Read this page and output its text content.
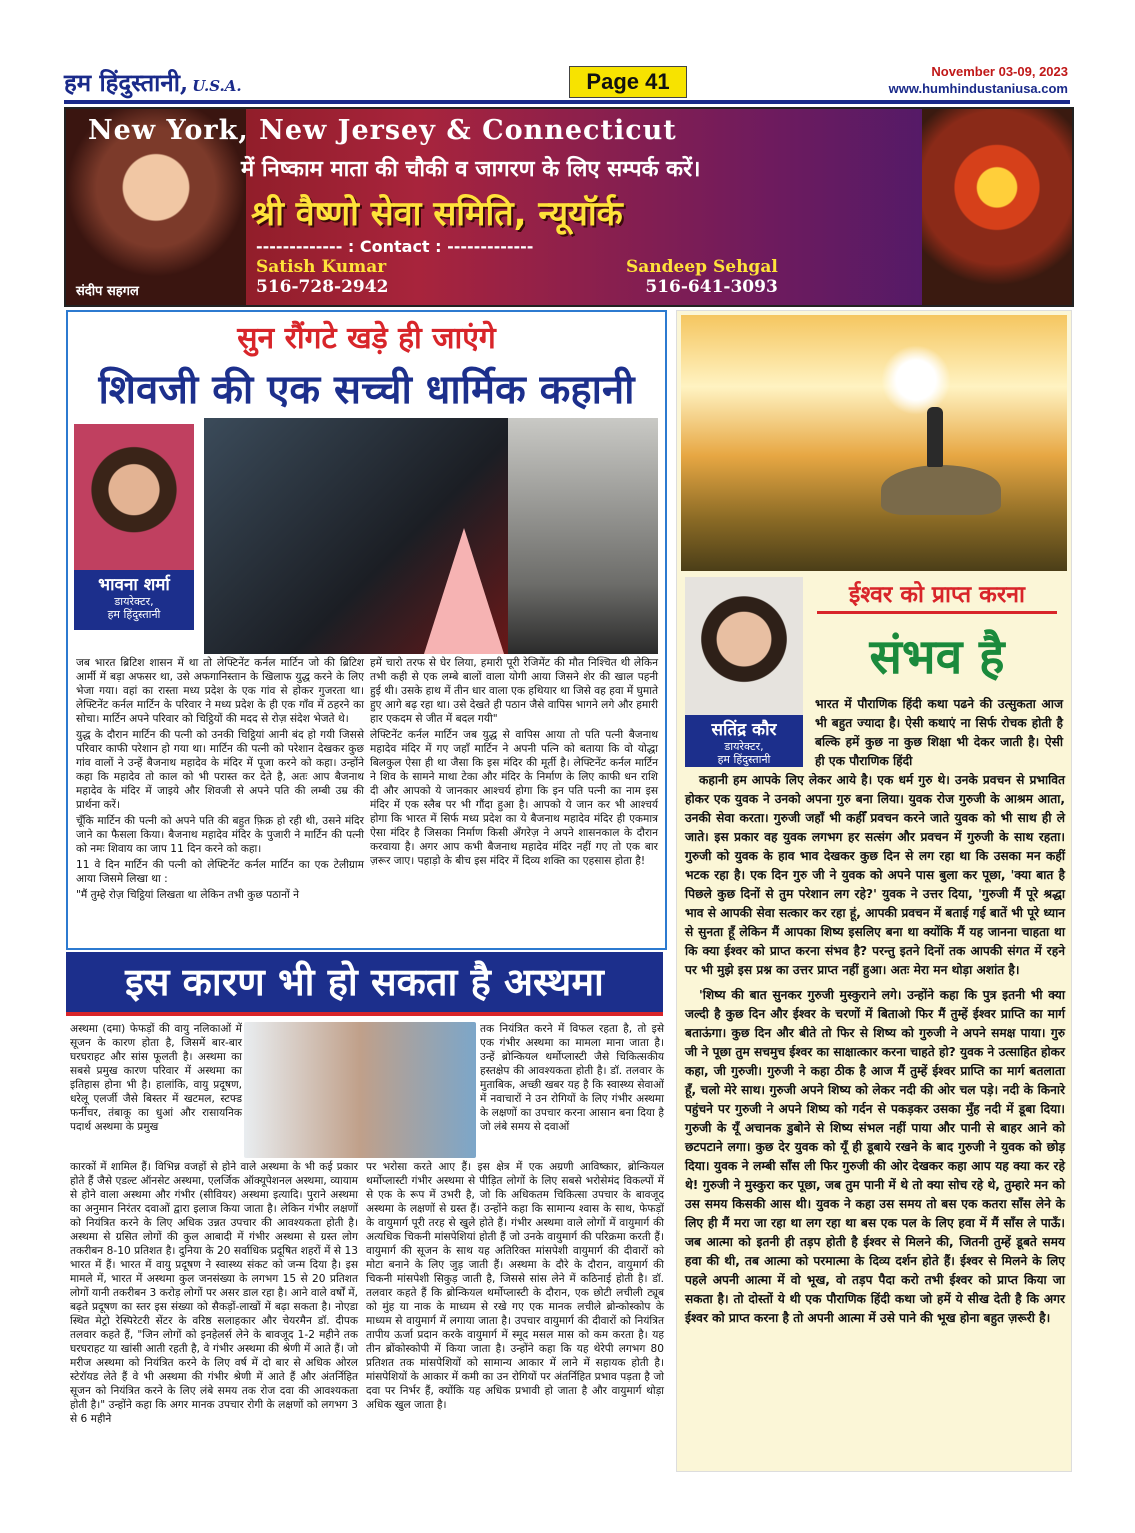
हम हिंदुस्तानी, U.S.A.	Page 41	November 03-09, 2023
www.humhindustaniusa.com
संदीप सहगल
New York, New Jersey & Connecticut
में निष्काम माता की चौकी व जागरण के लिए सम्पर्क करें।
श्री वैष्णो सेवा समिति, न्यूयॉर्क
------------- : Contact : -------------
Satish Kumar
516-728-2942
Sandeep Sehgal
516-641-3093
सुन रौंगटे खड़े ही जाएंगे
शिवजी की एक सच्ची धार्मिक कहानी
भावना शर्मा
डायरेक्टर,
हम हिंदुस्तानी

जब भारत ब्रिटिश शासन में था तो लेफ्टिनेंट कर्नल मार्टिन जो की ब्रिटिश आर्मी में बड़ा अफसर था, उसे अफगानिस्तान के खिलाफ युद्ध करने के लिए भेजा गया। वहां का रास्ता मध्य प्रदेश के एक गांव से होकर गुजरता था। लेफ्टिनेंट कर्नल मार्टिन के परिवार ने मध्य प्रदेश के ही एक गाँव में ठहरने का सोचा। मार्टिन अपने परिवार को चिट्ठियों की मदद से रोज़ संदेश भेजते थे।

युद्ध के दौरान मार्टिन की पत्नी को उनकी चिट्ठियां आनी बंद हो गयी जिससे परिवार काफी परेशान हो गया था। मार्टिन की पत्नी को परेशान देखकर कुछ गांव वालों ने उन्हें बैजनाथ महादेव के मंदिर में पूजा करने को कहा। उन्होंने कहा कि महादेव तो काल को भी परास्त कर देते है, अतः आप बैजनाथ महादेव के मंदिर में जाइये और शिवजी से अपने पति की लम्बी उम्र की प्रार्थना करें।

चूँकि मार्टिन की पत्नी को अपने पति की बहुत फ़िक्र हो रही थी, उसने मंदिर जाने का फैसला किया। बैजनाथ महादेव मंदिर के पुजारी ने मार्टिन की पत्नी को नमः शिवाय का जाप 11 दिन करने को कहा।

11 वे दिन मार्टिन की पत्नी को लेफ्टिनेंट कर्नल मार्टिन का एक टेलीग्राम आया जिसमे लिखा था :

"मैं तुम्हे रोज़ चिट्ठियां लिखता था लेकिन तभी कुछ पठानों ने

हमें चारो तरफ से घेर लिया, हमारी पूरी रेजिमेंट की मौत निश्चित थी लेकिन तभी कही से एक लम्बे बालों वाला योगी आया जिसने शेर की खाल पहनी हुई थी। उसके हाथ में तीन धार वाला एक हथियार था जिसे वह हवा में घुमाते हुए आगे बढ़ रहा था। उसे देखते ही पठान जैसे वापिस भागने लगे और हमारी हार एकदम से जीत में बदल गयी"

लेफ्टिनेंट कर्नल मार्टिन जब युद्ध से वापिस आया तो पति पत्नी बैजनाथ महादेव मंदिर में गए जहाँ मार्टिन ने अपनी पत्नि को बताया कि वो योद्धा बिलकुल ऐसा ही था जैसा कि इस मंदिर की मूर्ती है। लेफ्टिनेंट कर्नल मार्टिन ने शिव के सामने माथा टेका और मंदिर के निर्माण के लिए काफी धन राशि दी और आपको ये जानकार आश्चर्य होगा कि इन पति पत्नी का नाम इस मंदिर में एक स्लैब पर भी गौंदा हुआ है। आपको ये जान कर भी आश्चर्य होगा कि भारत में सिर्फ मध्य प्रदेश का ये बैजनाथ महादेव मंदिर ही एकमात्र ऐसा मंदिर है जिसका निर्माण किसी अँगरेज़ ने अपने शासनकाल के दौरान करवाया है। अगर आप कभी बैजनाथ महादेव मंदिर नहीं गए तो एक बार ज़रूर जाए। पहाड़ो के बीच इस मंदिर में दिव्य शक्ति का एहसास होता है!

इस कारण भी हो सकता है अस्थमा
अस्थमा (दमा) फेफड़ों की वायु नलिकाओं में सूजन के कारण होता है, जिसमें बार-बार घरघराहट और सांस फूलती है। अस्थमा का सबसे प्रमुख कारण परिवार में अस्थमा का इतिहास होना भी है। हालांकि, वायु प्रदूषण, धरेलू एलर्जी जैसे बिस्तर में खटमल, स्टफ्ड फर्नीचर, तंबाकू का धुआं और रासायनिक पदार्थ अस्थमा के प्रमुख
तक नियंत्रित करने में विफल रहता है, तो इसे एक गंभीर अस्थमा का मामला माना जाता है। उन्हें ब्रोन्कियल थर्मोप्लास्टी जैसे चिकित्सकीय हस्तक्षेप की आवश्यकता होती है। डॉ. तलवार के मुताबिक, अच्छी खबर यह है कि स्वास्थ्य सेवाओं में नवाचारों ने उन रोगियों के लिए गंभीर अस्थमा के लक्षणों का उपचार करना आसान बना दिया है जो लंबे समय से दवाओं
कारकों में शामिल हैं। विभिन्न वजहों से होने वाले अस्थमा के भी कई प्रकार होते हैं जैसे एडल्ट ऑनसेट अस्थमा, एलर्जिक ऑक्यूपेशनल अस्थमा, व्यायाम से होने वाला अस्थमा और गंभीर (सीवियर) अस्थमा इत्यादि। पुराने अस्थमा का अनुमान निरंतर दवाओं द्वारा इलाज किया जाता है। लेकिन गंभीर लक्षणों को नियंत्रित करने के लिए अधिक उन्नत उपचार की आवश्यकता होती है। अस्थमा से ग्रसित लोगों की कुल आबादी में गंभीर अस्थमा से ग्रस्त लोग तकरीबन 8-10 प्रतिशत है। दुनिया के 20 सर्वाधिक प्रदूषित शहरों में से 13 भारत में हैं। भारत में वायु प्रदूषण ने स्वास्थ्य संकट को जन्म दिया है। इस मामले में, भारत में अस्थमा कुल जनसंख्या के लगभग 15 से 20 प्रतिशत लोगों यानी तकरीबन 3 करोड़ लोगों पर असर डाल रहा है। आने वाले वर्षों में, बढ़ते प्रदूषण का स्तर इस संख्या को सैकड़ों-लाखों में बढ़ा सकता है। नोएडा स्थित मेट्रो रेस्पिरेटरी सेंटर के वरिष्ठ सलाहकार और चेयरमैन डॉ. दीपक तलवार कहते हैं, "जिन लोगों को इनहेलर्स लेने के बावजूद 1-2 महीने तक घरघराहट या खांसी आती रहती है, वे गंभीर अस्थमा की श्रेणी में आते हैं। जो मरीज अस्थमा को नियंत्रित करने के लिए वर्ष में दो बार से अधिक ओरल स्टेरॉयड लेते हैं वे भी अस्थमा की गंभीर श्रेणी में आते हैं और अंतर्निहित सूजन को नियंत्रित करने के लिए लंबे समय तक रोज दवा की आवश्यकता होती है।" उन्होंने कहा कि अगर मानक उपचार रोगी के लक्षणों को लगभग 3 से 6 महीने
पर भरोसा करते आए हैं। इस क्षेत्र में एक अग्रणी आविष्कार, ब्रोन्कियल थर्मोप्लास्टी गंभीर अस्थमा से पीड़ित लोगों के लिए सबसे भरोसेमंद विकल्पों में से एक के रूप में उभरी है, जो कि अधिकतम चिकित्सा उपचार के बावजूद अस्थमा के लक्षणों से ग्रस्त हैं। उन्होंने कहा कि सामान्य श्वास के साथ, फेफड़ों के वायुमार्ग पूरी तरह से खुले होते हैं। गंभीर अस्थमा वाले लोगों में वायुमार्ग की अत्यधिक चिकनी मांसपेशियां होती हैं जो उनके वायुमार्ग की परिक्रमा करती हैं। वायुमार्ग की सूजन के साथ यह अतिरिक्त मांसपेशी वायुमार्ग की दीवारों को मोटा बनाने के लिए जुड़ जाती हैं। अस्थमा के दौरे के दौरान, वायुमार्ग की चिकनी मांसपेशी सिकुड़ जाती है, जिससे सांस लेने में कठिनाई होती है। डॉ. तलवार कहते हैं कि ब्रोन्कियल थर्मोप्लास्टी के दौरान, एक छोटी लचीली ट्यूब को मुंह या नाक के माध्यम से रखे गए एक मानक लचीले ब्रोन्कोस्कोप के माध्यम से वायुमार्ग में लगाया जाता है। उपचार वायुमार्ग की दीवारों को नियंत्रित तापीय ऊर्जा प्रदान करके वायुमार्ग में स्मूद मसल मास को कम करता है। यह तीन ब्रोंकोस्कोपी में किया जाता है। उन्होंने कहा कि यह थेरेपी लगभग 80 प्रतिशत तक मांसपेशियों को सामान्य आकार में लाने में सहायक होती है। मांसपेशियों के आकार में कमी का उन रोगियों पर अंतर्निहित प्रभाव पड़ता है जो दवा पर निर्भर हैं, क्योंकि यह अधिक प्रभावी हो जाता है और वायुमार्ग थोड़ा अधिक खुल जाता है।
सतिंद्र कौर
डायरेक्टर,
हम हिंदुस्तानी
ईश्वर को प्राप्त करना
संभव है
भारत में पौराणिक हिंदी कथा पढने की उत्सुकता आज भी बहुत ज्यादा है। ऐसी कथाएं ना सिर्फ रोचक होती है बल्कि हमें कुछ ना कुछ शिक्षा भी देकर जाती है। ऐसी ही एक पौराणिक हिंदी

कहानी हम आपके लिए लेकर आये है। एक धर्म गुरु थे। उनके प्रवचन से प्रभावित होकर एक युवक ने उनको अपना गुरु बना लिया। युवक रोज गुरुजी के आश्रम आता, उनकी सेवा करता। गुरुजी जहाँ भी कहीँ प्रवचन करने जाते युवक को भी साथ ही ले जाते। इस प्रकार वह युवक लगभग हर सत्संग और प्रवचन में गुरुजी के साथ रहता। गुरुजी को युवक के हाव भाव देखकर कुछ दिन से लग रहा था कि उसका मन कहीं भटक रहा है। एक दिन गुरु जी ने युवक को अपने पास बुला कर पूछा, 'क्या बात है पिछले कुछ दिनों से तुम परेशान लग रहे?' युवक ने उत्तर दिया, 'गुरुजी मैं पूरे श्रद्धा भाव से आपकी सेवा सत्कार कर रहा हूं, आपकी प्रवचन में बताई गई बातें भी पूरे ध्यान से सुनता हूँ लेकिन मैं आपका शिष्य इसलिए बना था क्योंकि मैं यह जानना चाहता था कि क्या ईश्वर को प्राप्त करना संभव है? परन्तु इतने दिनों तक आपकी संगत में रहने पर भी मुझे इस प्रश्न का उत्तर प्राप्त नहीं हुआ। अतः मेरा मन थोड़ा अशांत है।

'शिष्य की बात सुनकर गुरुजी मुस्कुराने लगे। उन्होंने कहा कि पुत्र इतनी भी क्या जल्दी है कुछ दिन और ईश्वर के चरणों में बिताओ फिर मैं तुम्हें ईश्वर प्राप्ति का मार्ग बताऊंगा। कुछ दिन और बीते तो फिर से शिष्य को गुरुजी ने अपने समक्ष पाया। गुरु जी ने पूछा तुम सचमुच ईश्वर का साक्षात्कार करना चाहते हो? युवक ने उत्साहित होकर कहा, जी गुरुजी। गुरुजी ने कहा ठीक है आज मैं तुम्हें ईश्वर प्राप्ति का मार्ग बतलाता हूँ, चलो मेरे साथ। गुरुजी अपने शिष्य को लेकर नदी की ओर चल पड़े। नदी के किनारे पहुंचने पर गुरुजी ने अपने शिष्य को गर्दन से पकड़कर उसका मुँह नदी में डूबा दिया। गुरुजी के यूँ अचानक डुबोने से शिष्य संभल नहीं पाया और पानी से बाहर आने को छटपटाने लगा। कुछ देर युवक को यूँ ही डूबाये रखने के बाद गुरुजी ने युवक को छोड़ दिया। युवक ने लम्बी साँस ली फिर गुरुजी की ओर देखकर कहा आप यह क्या कर रहे थे! गुरुजी ने मुस्कुरा कर पूछा, जब तुम पानी में थे तो क्या सोच रहे थे, तुम्हारे मन को उस समय किसकी आस थी। युवक ने कहा उस समय तो बस एक कतरा साँस लेने के लिए ही मैं मरा जा रहा था लग रहा था बस एक पल के लिए हवा में मैं साँस ले पाऊँ। जब आत्मा को इतनी ही तड़प होती है ईश्वर से मिलने की, जितनी तुम्हें डूबते समय हवा की थी, तब आत्मा को परमात्मा के दिव्य दर्शन होते हैं। ईश्वर से मिलने के लिए पहले अपनी आत्मा में वो भूख, वो तड़प पैदा करो तभी ईश्वर को प्राप्त किया जा सकता है। तो दोस्तों ये थी एक पौराणिक हिंदी कथा जो हमें ये सीख देती है कि अगर ईश्वर को प्राप्त करना है तो अपनी आत्मा में उसे पाने की भूख होना बहुत ज़रूरी है।
